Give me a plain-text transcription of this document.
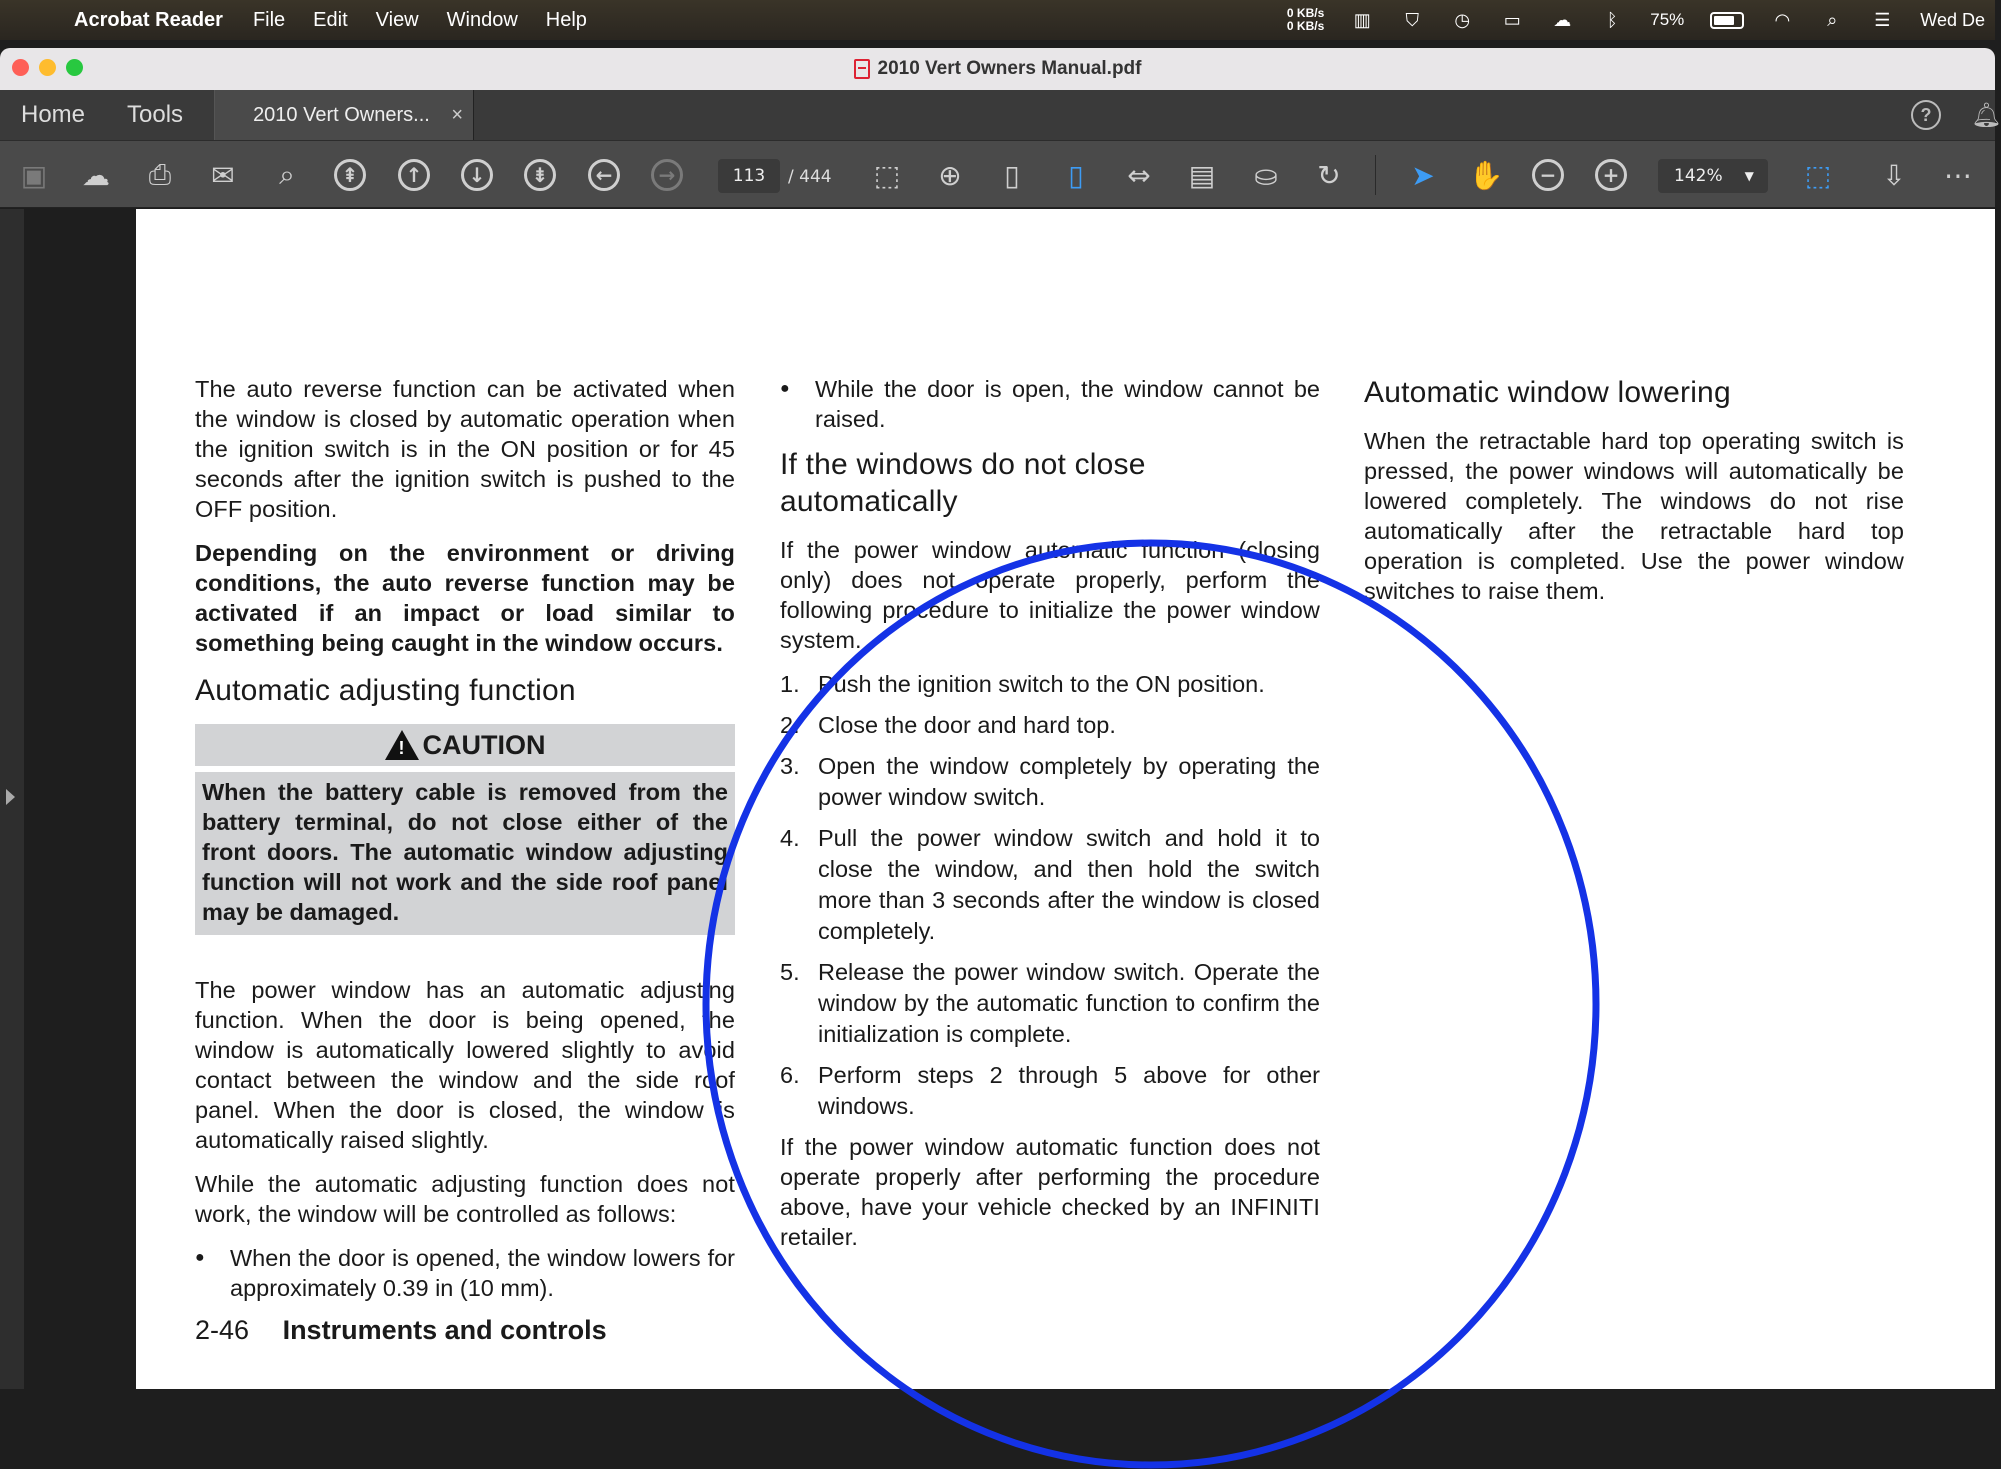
Acrobat Reader File Edit View Window Help	0 KB/s
0 KB/s ▥ ⛉ ◷ ▭ ☁	ᛒ	75%	◠	⌕	☰ Wed De
2010 Vert Owners Manual.pdf
Home	Tools	2010 Vert Owners... ×	?	🔔︎
▣ ☁ ⎙ ✉	⌕	⇞	↑	↓	⇟	←	→	113	/ 444 ⬚ ⊕	▯	▯	⇔ ▤ ⛀ ↻	➤ ✋	−	+	142% ▼ ⬚ ⇩ ⋯

The auto reverse function can be activated when the window is closed by automatic operation when the ignition switch is in the ON position or for 45 seconds after the ignition switch is pushed to the OFF position.

Depending on the environment or driving conditions, the auto reverse function may be activated if an impact or load similar to something being caught in the window occurs.

Automatic adjusting function
!
CAUTION
When the battery cable is removed from the battery terminal, do not close either of the front doors. The automatic window adjusting function will not work and the side roof panel may be damaged.

The power window has an automatic adjusting function. When the door is being opened, the window is automatically lowered slightly to avoid contact between the window and the side roof panel. When the door is closed, the window is automatically raised slightly.

While the automatic adjusting function does not work, the window will be controlled as follows:

● When the door is opened, the window lowers for approximately 0.39 in (10 mm).
● While the door is open, the window cannot be raised.
If the windows do not close automatically

If the power window automatic function (closing only) does not operate properly, perform the following procedure to initialize the power window system.

1. Push the ignition switch to the ON position.
2. Close the door and hard top.
3. Open the window completely by operating the power window switch.
4. Pull the power window switch and hold it to close the window, and then hold the switch more than 3 seconds after the window is closed completely.
5. Release the power window switch. Operate the window by the automatic function to confirm the initialization is complete.
6. Perform steps 2 through 5 above for other windows.

If the power window automatic function does not operate properly after performing the procedure above, have your vehicle checked by an INFINITI retailer.

Automatic window lowering

When the retractable hard top operating switch is pressed, the power windows will automatically be lowered completely. The windows do not rise automatically after the retractable hard top operation is completed. Use the power window switches to raise them.

2-46 Instruments and controls
